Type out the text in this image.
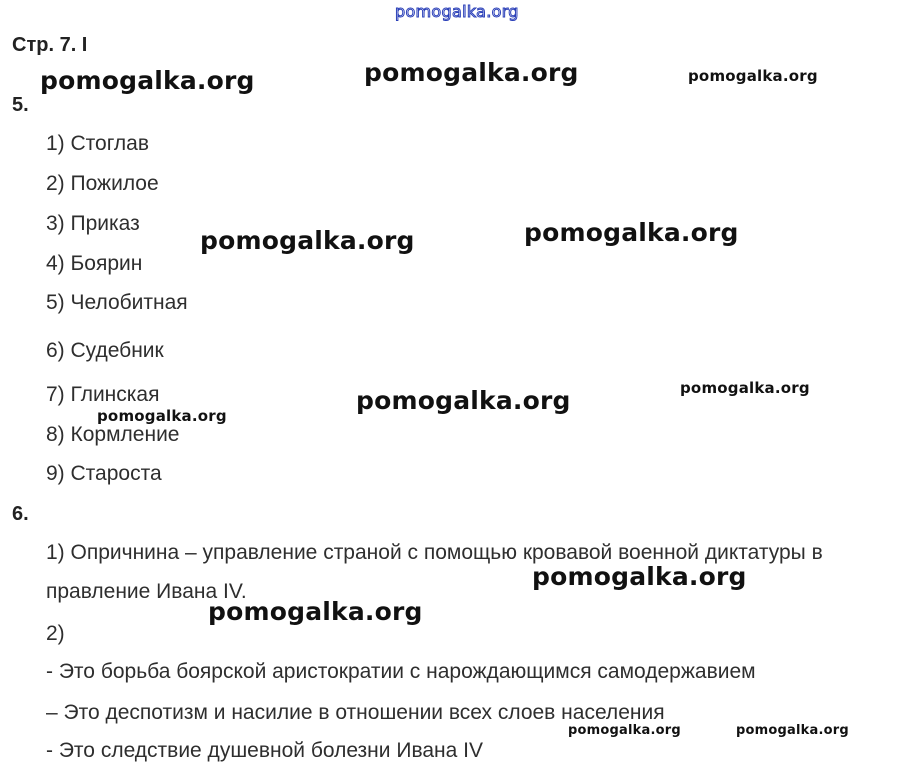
pomogalka.org
Стр. 7. І
5.
1) Стоглав
2) Пожилое
3) Приказ
4) Боярин
5) Челобитная
6) Судебник
7) Глинская
8) Кормление
9) Староста
6.
1) Опричнина – управление страной с помощью кровавой военной диктатуры в
правление Ивана IV.
2)
- Это борьба боярской аристократии с нарождающимся самодержавием
– Это деспотизм и насилие в отношении всех слоев населения
- Это следствие душевной болезни Ивана IV
pomogalka.org	pomogalka.org	pomogalka.org
pomogalka.org	pomogalka.org
pomogalka.org	pomogalka.org
pomogalka.org
pomogalka.org
pomogalka.org
pomogalka.org	pomogalka.org
